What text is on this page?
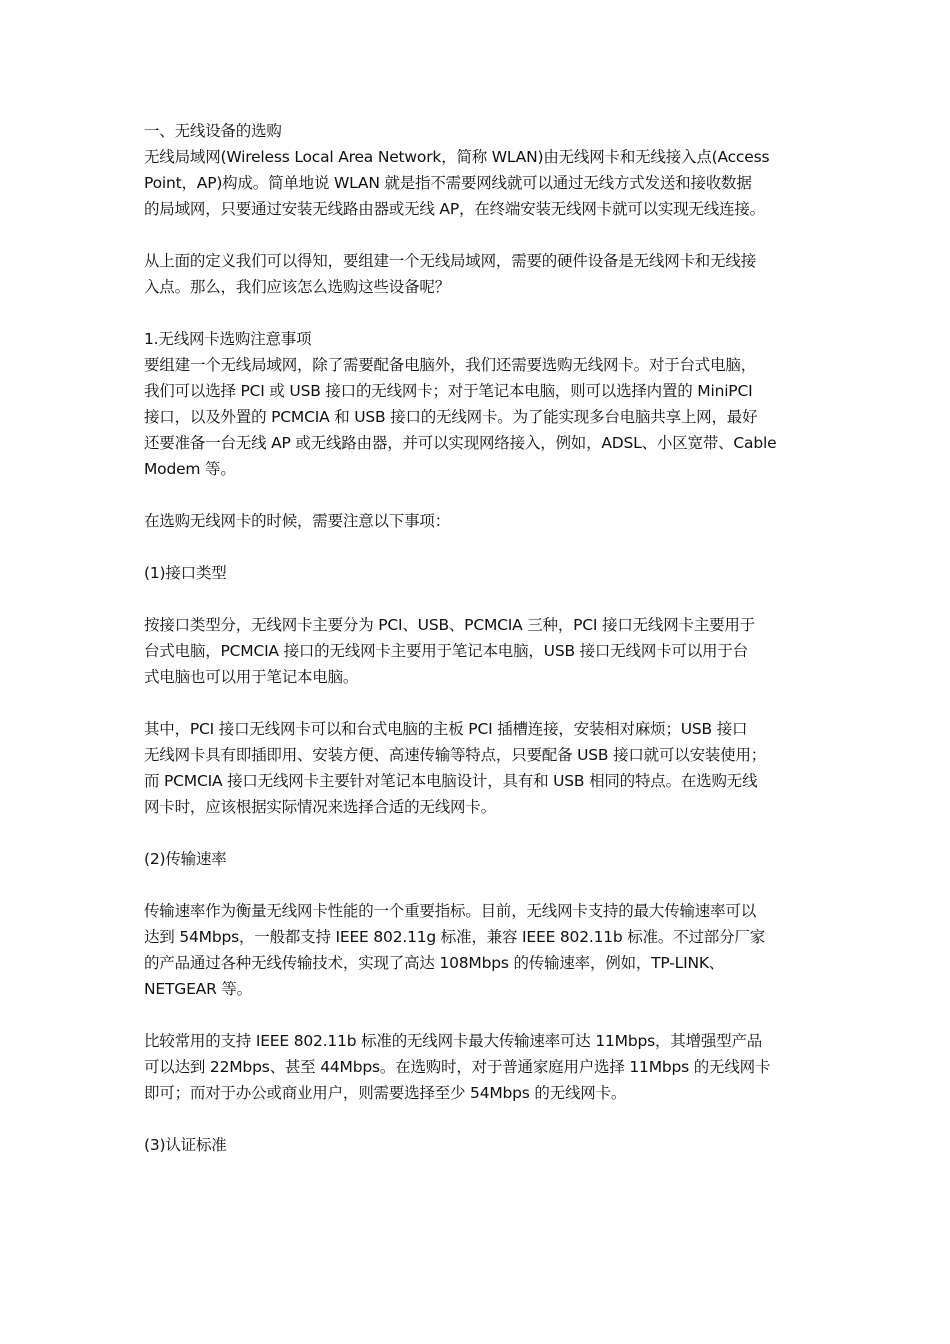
一、无线设备的选购
无线局域网(Wireless Local Area Network，简称 WLAN)由无线网卡和无线接入点(Access
Point，AP)构成。简单地说 WLAN 就是指不需要网线就可以通过无线方式发送和接收数据
的局域网，只要通过安装无线路由器或无线 AP，在终端安装无线网卡就可以实现无线连接。
从上面的定义我们可以得知，要组建一个无线局域网，需要的硬件设备是无线网卡和无线接
入点。那么，我们应该怎么选购这些设备呢？
1.无线网卡选购注意事项
要组建一个无线局域网，除了需要配备电脑外，我们还需要选购无线网卡。对于台式电脑，
我们可以选择 PCI 或 USB 接口的无线网卡；对于笔记本电脑，则可以选择内置的 MiniPCI
接口，以及外置的 PCMCIA 和 USB 接口的无线网卡。为了能实现多台电脑共享上网，最好
还要准备一台无线 AP 或无线路由器，并可以实现网络接入，例如，ADSL、小区宽带、Cable
Modem 等。
在选购无线网卡的时候，需要注意以下事项：
(1)接口类型
按接口类型分，无线网卡主要分为 PCI、USB、PCMCIA 三种，PCI 接口无线网卡主要用于
台式电脑，PCMCIA 接口的无线网卡主要用于笔记本电脑，USB 接口无线网卡可以用于台
式电脑也可以用于笔记本电脑。
其中，PCI 接口无线网卡可以和台式电脑的主板 PCI 插槽连接，安装相对麻烦；USB 接口
无线网卡具有即插即用、安装方便、高速传输等特点，只要配备 USB 接口就可以安装使用；
而 PCMCIA 接口无线网卡主要针对笔记本电脑设计，具有和 USB 相同的特点。在选购无线
网卡时，应该根据实际情况来选择合适的无线网卡。
(2)传输速率
传输速率作为衡量无线网卡性能的一个重要指标。目前，无线网卡支持的最大传输速率可以
达到 54Mbps，一般都支持 IEEE 802.11g 标准，兼容 IEEE 802.11b 标准。不过部分厂家
的产品通过各种无线传输技术，实现了高达 108Mbps 的传输速率，例如，TP-LINK、
NETGEAR 等。
比较常用的支持 IEEE 802.11b 标准的无线网卡最大传输速率可达 11Mbps，其增强型产品
可以达到 22Mbps、甚至 44Mbps。在选购时，对于普通家庭用户选择 11Mbps 的无线网卡
即可；而对于办公或商业用户，则需要选择至少 54Mbps 的无线网卡。
(3)认证标准
